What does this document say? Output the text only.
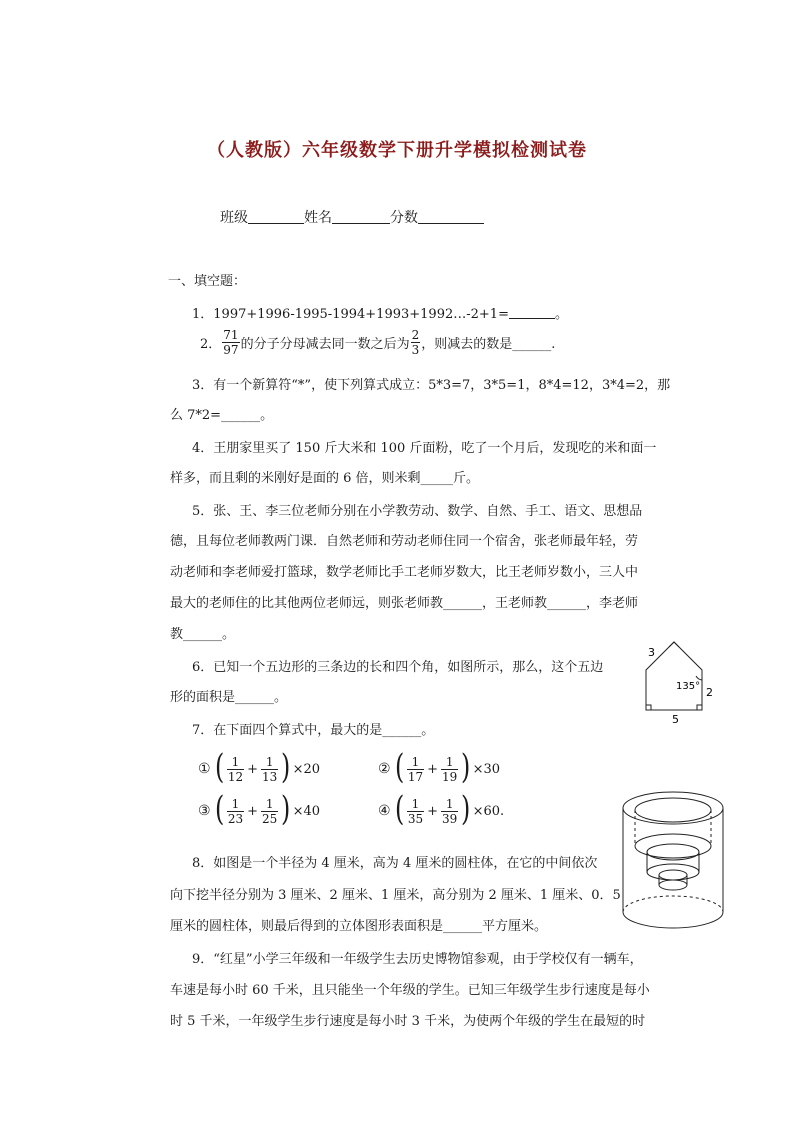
（人教版）六年级数学下册升学模拟检测试卷
班级	姓名	分数
一、填空题：
1．1997+1996-1995-1994+1993+1992…-2+1=	。
2． $\frac{71}{97}$ 的分子分母减去同一数之后为 $\frac{2}{3}$ ，则减去的数是______.
3．有一个新算符“*”，使下列算式成立：5*3=7，3*5=1，8*4=12，3*4=2，那
么 7*2=______。
4．王朋家里买了 150 斤大米和 100 斤面粉，吃了一个月后，发现吃的米和面一
样多，而且剩的米刚好是面的 6 倍，则米剩_____斤。
5．张、王、李三位老师分别在小学教劳动、数学、自然、手工、语文、思想品
德，且每位老师教两门课．自然老师和劳动老师住同一个宿舍，张老师最年轻，劳
动老师和李老师爱打篮球，数学老师比手工老师岁数大，比王老师岁数小，三人中
最大的老师住的比其他两位老师远，则张老师教______，王老师教______，李老师
教______。
6．已知一个五边形的三条边的长和四个角，如图所示，那么，这个五边
形的面积是______。
3
2
5
135°
7．在下面四个算式中，最大的是______。
① ( $\frac{1}{12} + \frac{1}{13}$ ) ×20	② ( $\frac{1}{17} + \frac{1}{19}$ ) ×30
③ ( $\frac{1}{23} + \frac{1}{25}$ ) ×40	④ ( $\frac{1}{35} + \frac{1}{39}$ ) ×60.
8．如图是一个半径为 4 厘米，高为 4 厘米的圆柱体，在它的中间依次
向下挖半径分别为 3 厘米、2 厘米、1 厘米，高分别为 2 厘米、1 厘米、0．5
厘米的圆柱体，则最后得到的立体图形表面积是______平方厘米。
9．“红星”小学三年级和一年级学生去历史博物馆参观，由于学校仅有一辆车，
车速是每小时 60 千米，且只能坐一个年级的学生。已知三年级学生步行速度是每小
时 5 千米，一年级学生步行速度是每小时 3 千米，为使两个年级的学生在最短的时
